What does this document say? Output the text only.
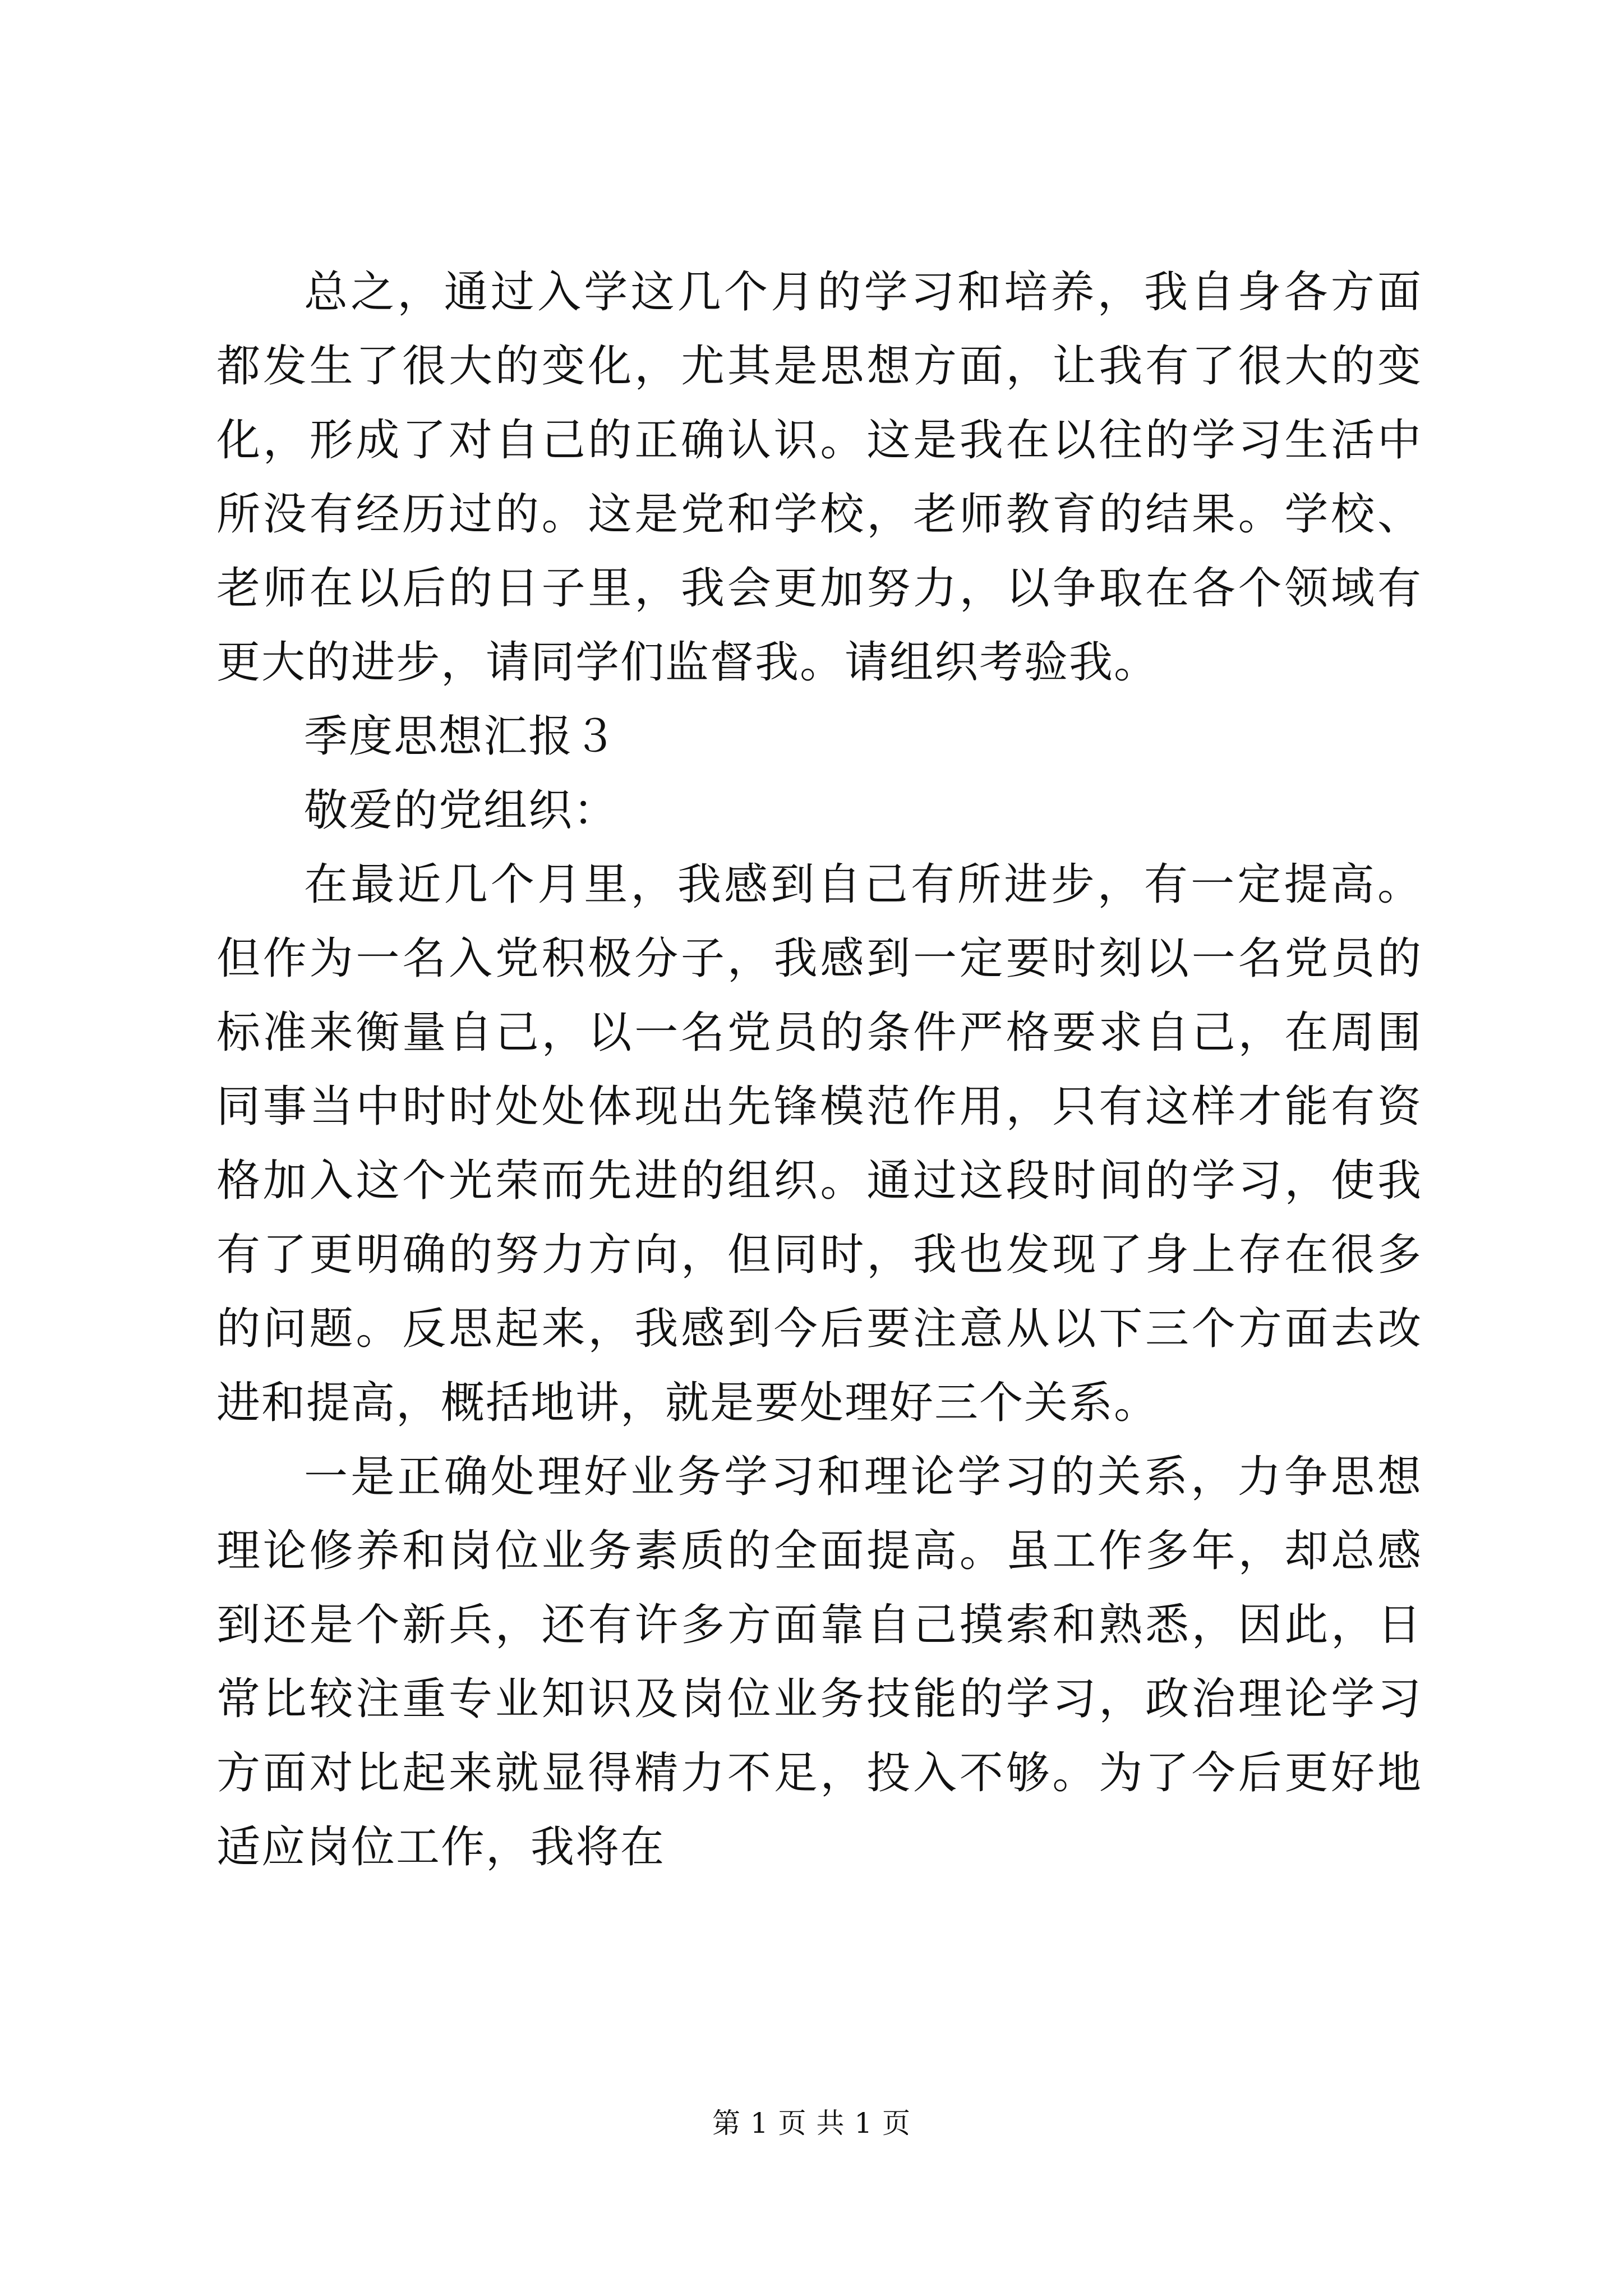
总之，通过入学这几个月的学习和培养，我自身各方面都发生了很大的变化，尤其是思想方面，让我有了很大的变化，形成了对自己的正确认识。这是我在以往的学习生活中所没有经历过的。这是党和学校，老师教育的结果。学校、老师在以后的日子里，我会更加努力，以争取在各个领域有更大的进步，请同学们监督我。请组织考验我。

季度思想汇报３

敬爱的党组织：

在最近几个月里，我感到自己有所进步，有一定提高。但作为一名入党积极分子，我感到一定要时刻以一名党员的标准来衡量自己，以一名党员的条件严格要求自己，在周围同事当中时时处处体现出先锋模范作用，只有这样才能有资格加入这个光荣而先进的组织。通过这段时间的学习，使我有了更明确的努力方向，但同时，我也发现了身上存在很多的问题。反思起来，我感到今后要注意从以下三个方面去改进和提高，概括地讲，就是要处理好三个关系。

一是正确处理好业务学习和理论学习的关系，力争思想理论修养和岗位业务素质的全面提高。虽工作多年，却总感到还是个新兵，还有许多方面靠自己摸索和熟悉，因此，日常比较注重专业知识及岗位业务技能的学习，政治理论学习方面对比起来就显得精力不足，投入不够。为了今后更好地适应岗位工作，我将在

第 1 页 共 1 页
